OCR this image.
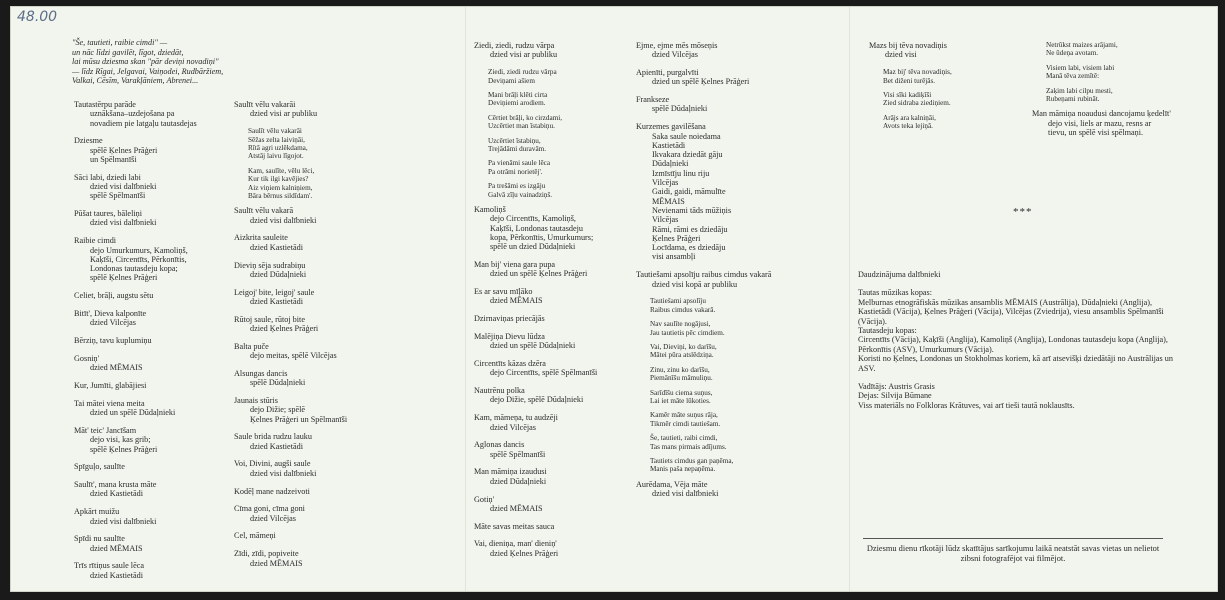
48.00
"Še, tautieti, raibie cimdi" —
un nāc līdzi gavilēt, līgot, dziedāt,
lai mūsu dziesma skan "pār deviņi novadiņi"
— līdz Rīgai, Jelgavai, Vaiņodei, Rudbāržiem,
Valkai, Cēsīm, Varakļāniem, Abrenei...
Tautastērpu parāde
uznākšana–uzdejošana pa
novadiem pie latgaļu tautasdejas
Dziesme
spēlē Ķelnes Prāģeri
un Spēlmanīši
Sāci labi, dziedi labi
dzied visi dalībnieki
spēlē Spēlmanīši
Pūšat taures, bāleliņi
dzied visi dalībnieki
Raibie cimdi
dejo Umurkumurs, Kamoliņš,
Kaķīši, Circentīts, Pērkonītis,
Londonas tautasdeju kopa;
spēlē Ķelnes Prāģeri
Celiet, brāļi, augstu sētu
Bitīt', Dieva kalponīte
dzied Vilcējas
Bērziņ, tavu kuplumiņu
Gosniņ'
dzied MĒMAIS
Kur, Jumīti, glabājiesi
Tai mātei viena meita
dzied un spēlē Dūdaļnieki
Māt' teic' Jancīšam
dejo visi, kas grib;
spēlē Ķelnes Prāģeri
Spīguļo, saulīte
Saulīt', mana krusta māte
dzied Kastietādi
Apkārt muižu
dzied visi dalībnieki
Spīdi nu saulīte
dzied MĒMAIS
Trīs rītiņus saule lēca
dzied Kastietādi
Saulīt vēlu vakarāi
dzied visi ar publiku
Saulīt vēlu vakarāi
Sēžas zelta laiviņāi,
Rītā agri uzlēkdama,
Atstāj laivu līgojot.
Kam, saulīte, vēlu lēci,
Kur tik ilgi kavējies?
Aiz viņiem kalniņiem,
Bāra bērnus sildīdam'.
Saulīt vēlu vakarā
dzied visi dalībnieki
Aizkrita sauleite
dzied Kastietādi
Dieviņ sēja sudrabiņu
dzied Dūdaļnieki
Leigoj' bite, leigoj' saule
dzied Kastietādi
Rūtoj saule, rūtoj bite
dzied Ķelnes Prāģeri
Balta puče
dejo meitas, spēlē Vilcējas
Alsungas dancis
spēlē Dūdaļnieki
Jaunais stūris
dejo Dižie; spēlē
Ķelnes Prāģeri un Spēlmanīši
Saule brida rudzu lauku
dzied Kastietādi
Voi, Divini, augši saule
dzied visi dalībnieki
Kodēļ mane nadzeivoti
Cīma goni, cīma goni
dzied Vilcējas
Cel, māmeņi
Zīdi, zīdi, popiveite
dzied MĒMAIS
Ziedi, ziedi, rudzu vārpa
dzied visi ar publiku
Ziedi, ziedi rudzu vārpa
Deviņami ašiem
Mani brāļi klēti cirta
Deviņiemi arodiem.
Cērtiet brāļi, ko cirzdami,
Uzcērtiet man īstabiņu.
Uzcērtiet īstabiņu,
Trejādāmi duravām.
Pa vienāmi saule lēca
Pa otrāmi norietēj'.
Pa trešāmi es izgāju
Galvā zīļu vainadziņš.
Kamoliņš
dejo Circentīts, Kamoliņš,
Kaķīši, Londonas tautasdeju
kopa, Pērkonītis, Umurkumurs;
spēlē un dzied Dūdaļnieki
Man bij' viena gara pupa
dzied un spēlē Ķelnes Prāģeri
Es ar savu mīļāko
dzied MĒMAIS
Dzirnaviņas priecājās
Malējiņa Dievu lūdza
dzied un spēlē Dūdaļnieki
Circentīts kāzas dzēra
dejo Circentīts, spēlē Spēlmanīši
Nautrēnu polka
dejo Dižie, spēlē Dūdaļnieki
Kam, māmeņa, tu audzēji
dzied Vilcējas
Aglonas dancis
spēlē Spēlmanīši
Man māmiņa izaudusi
dzied Dūdaļnieki
Gotiņ'
dzied MĒMAIS
Māte savas meitas sauca
Vai, dieniņa, man' dieniņ'
dzied Ķelnes Prāģeri
Ejme, ejme mēs mōseņis
dzied Vilcējas
Apienīti, purgalvīti
dzied un spēlē Ķelnes Prāģeri
Frankseze
spēlē Dūdaļnieki
Kurzemes gavilēšana
Saka saule noiedama
Kastietādi
Ikvakara dziedāt gāju
Dūdaļnieki
Izmīstīju linu riju
Vilcējas
Gaidi, gaidi, māmulīte
MĒMAIS
Nevienami tāds mūžiņis
Vilcējas
Rāmi, rāmi es dziedāju
Ķelnes Prāģeri
Locīdama, es dziedāju
visi ansambļi
Tautiešami apsolīju raibus cimdus vakarā
dzied visi kopā ar publiku
Tautiešami apsolīju
Raibus cimdus vakarā.
Nav saulīte nogājusi,
Jau tautietis pēc cimdiem.
Vai, Dieviņi, ko darīšu,
Mātei pūra atslēdziņa.
Zinu, zinu ko darīšu,
Piemānīšu māmuliņu.
Sarīdīšu ciema suņus,
Lai iet māte lūkoties.
Kamēr māte suņus rāja,
Tikmēr cimdi tautiešam.
Še, tautieti, raibi cimdi,
Tas mans pirmais adījums.
Tautiets cimdus gan paņēma,
Manis paša nepaņēma.
Aurēdama, Vēja māte
dzied visi dalībnieki
Mazs bij tēva novadiņis
dzied visi
Maz bij' tēva novadiņis,
Bet diženi turējās.
Visi sīki kadiķīši
Zied sidraba ziediņiem.
Arājs ara kalniņāi,
Avots teka lejiņā.
Netrūkst maizes arājami,
Ne ūdeņa avotam.
Visiem labi, visiem labi
Manā tēva zemītē:
Zaķim labi cilpu mesti,
Rubeņami rubināt.
Man māmiņa noaudusi dancojamu ķedelīt'
dejo visi, liels ar mazu, resns ar
tievu, un spēlē visi spēlmaņi.
***
Daudzinājuma dalībnieki
Tautas mūzikas kopas:
Melburnas etnogrāfiskās mūzikas ansamblis MĒMAIS (Austrālija), Dūdaļnieki (Anglija), Kastietādi (Vācija), Ķelnes Prāģeri (Vācija), Vilcējas (Zviedrija), viesu ansamblis Spēlmanīši (Vācija).
Tautasdeju kopas:
Circentīts (Vācija), Kaķīši (Anglija), Kamoliņš (Anglija), Londonas tautasdeju kopa (Anglija), Pērkonītis (ASV), Umurkumurs (Vācija).
Koristi no Ķelnes, Londonas un Stokholmas koriem, kā arī atsevišķi dziedātāji no Austrālijas un ASV.
Vadītājs: Austris Grasis
Dejas: Silvija Būmane
Viss materiāls no Folkloras Krātuves, vai arī tieši tautā noklausīts.
Dziesmu dienu rīkotāji lūdz skatītājus sarīkojumu laikā neatstāt savas vietas un nelietot zibsni fotografējot vai filmējot.
